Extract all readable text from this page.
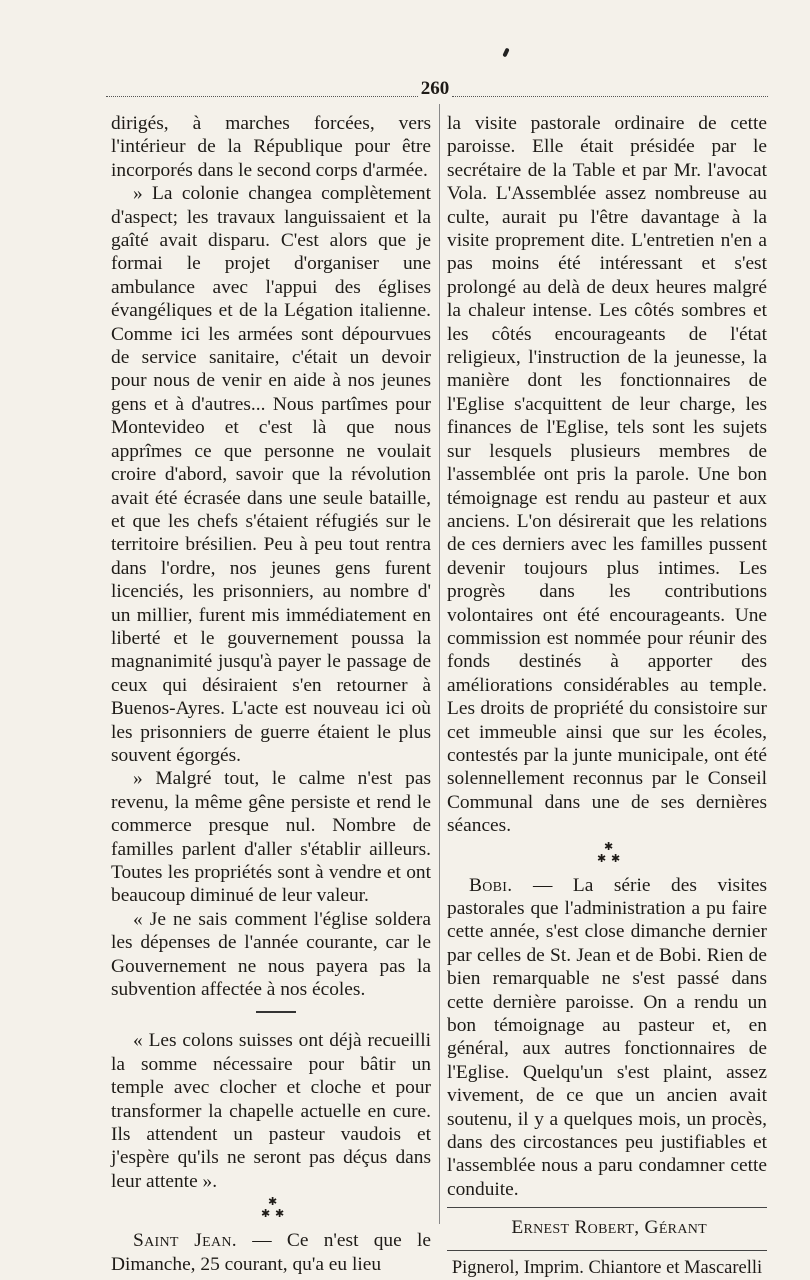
260

dirigés, à marches forcées, vers l'intérieur de la République pour être incorporés dans le second corps d'armée.

» La colonie changea complètement d'aspect; les travaux languissaient et la gaîté avait disparu. C'est alors que je formai le projet d'organiser une ambulance avec l'appui des églises évangéliques et de la Légation italienne. Comme ici les armées sont dépourvues de service sanitaire, c'était un devoir pour nous de venir en aide à nos jeunes gens et à d'autres... Nous partîmes pour Montevideo et c'est là que nous apprîmes ce que personne ne voulait croire d'abord, savoir que la révolution avait été écrasée dans une seule bataille, et que les chefs s'étaient réfugiés sur le territoire brésilien. Peu à peu tout rentra dans l'ordre, nos jeunes gens furent licenciés, les prisonniers, au nombre d' un millier, furent mis immédiatement en liberté et le gouvernement poussa la magnanimité jusqu'à payer le passage de ceux qui désiraient s'en retourner à Buenos-Ayres. L'acte est nouveau ici où les prisonniers de guerre étaient le plus souvent égorgés.

» Malgré tout, le calme n'est pas revenu, la même gêne persiste et rend le commerce presque nul. Nombre de familles parlent d'aller s'établir ailleurs. Toutes les propriétés sont à vendre et ont beaucoup diminué de leur valeur.

« Je ne sais comment l'église soldera les dépenses de l'année courante, car le Gouvernement ne nous payera pas la subvention affectée à nos écoles.

« Les colons suisses ont déjà recueilli la somme nécessaire pour bâtir un temple avec clocher et cloche et pour transformer la chapelle actuelle en cure. Ils attendent un pasteur vaudois et j'espère qu'ils ne seront pas déçus dans leur attente ».

✱
✱ ✱

Saint Jean. — Ce n'est que le Dimanche, 25 courant, qu'a eu lieu

la visite pastorale ordinaire de cette paroisse. Elle était présidée par le secrétaire de la Table et par Mr. l'avocat Vola. L'Assemblée assez nombreuse au culte, aurait pu l'être davantage à la visite proprement dite. L'entretien n'en a pas moins été intéressant et s'est prolongé au delà de deux heures malgré la chaleur intense. Les côtés sombres et les côtés encourageants de l'état religieux, l'instruction de la jeunesse, la manière dont les fonctionnaires de l'Eglise s'acquittent de leur charge, les finances de l'Eglise, tels sont les sujets sur lesquels plusieurs membres de l'assemblée ont pris la parole. Une bon témoignage est rendu au pasteur et aux anciens. L'on désirerait que les relations de ces derniers avec les familles pussent devenir toujours plus intimes. Les progrès dans les contributions volontaires ont été encourageants. Une commission est nommée pour réunir des fonds destinés à apporter des améliorations considérables au temple. Les droits de propriété du consistoire sur cet immeuble ainsi que sur les écoles, contestés par la junte municipale, ont été solennellement reconnus par le Conseil Communal dans une de ses dernières séances.

✱
✱ ✱

Bobi. — La série des visites pastorales que l'administration a pu faire cette année, s'est close dimanche dernier par celles de St. Jean et de Bobi. Rien de bien remarquable ne s'est passé dans cette dernière paroisse. On a rendu un bon témoignage au pasteur et, en général, aux autres fonctionnaires de l'Eglise. Quelqu'un s'est plaint, assez vivement, de ce que un ancien avait soutenu, il y a quelques mois, un procès, dans des circostances peu justifiables et l'assemblée nous a paru condamner cette conduite.

Ernest Robert, Gérant

Pignerol, Imprim. Chiantore et Mascarelli
